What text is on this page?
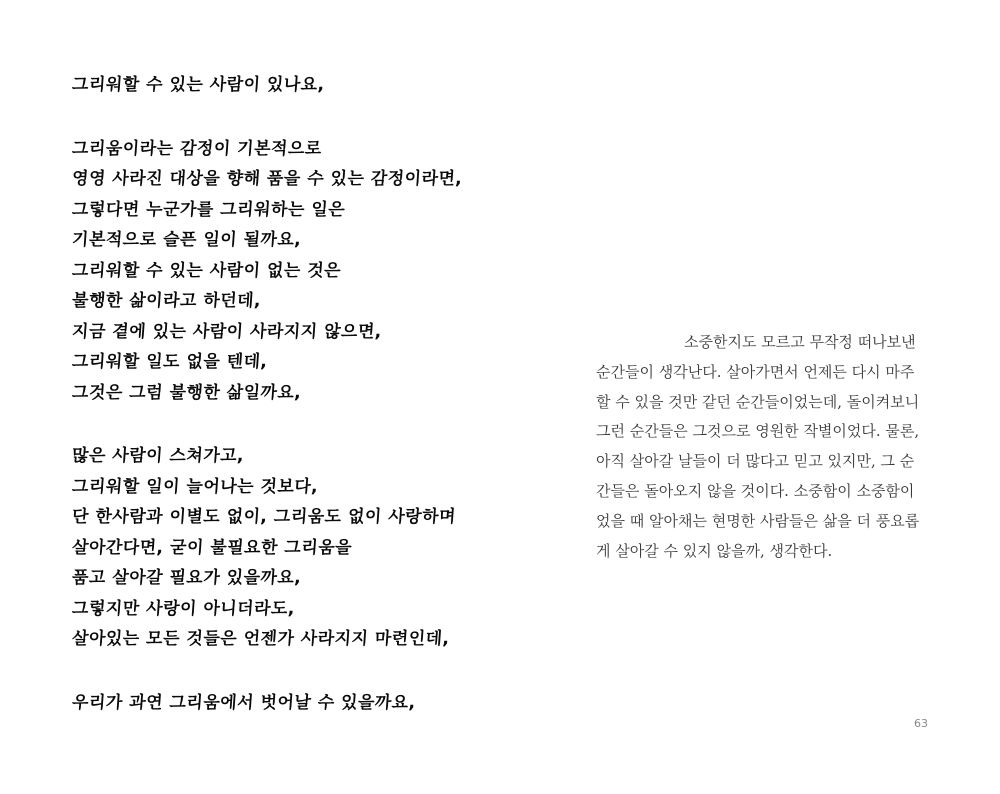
그리워할 수 있는 사람이 있나요,
그리움이라는 감정이 기본적으로
영영 사라진 대상을 향해 품을 수 있는 감정이라면,
그렇다면 누군가를 그리워하는 일은
기본적으로 슬픈 일이 될까요,
그리워할 수 있는 사람이 없는 것은
불행한 삶이라고 하던데,
지금 곁에 있는 사람이 사라지지 않으면,
그리워할 일도 없을 텐데,
그것은 그럼 불행한 삶일까요,
많은 사람이 스쳐가고,
그리워할 일이 늘어나는 것보다,
단 한사람과 이별도 없이, 그리움도 없이 사랑하며
살아간다면, 굳이 불필요한 그리움을
품고 살아갈 필요가 있을까요,
그렇지만 사랑이 아니더라도,
살아있는 모든 것들은 언젠가 사라지지 마련인데,
우리가 과연 그리움에서 벗어날 수 있을까요,
소중한지도 모르고 무작정 떠나보낸
순간들이 생각난다. 살아가면서 언제든 다시 마주
할 수 있을 것만 같던 순간들이었는데, 돌이켜보니
그런 순간들은 그것으로 영원한 작별이었다. 물론,
아직 살아갈 날들이 더 많다고 믿고 있지만, 그 순
간들은 돌아오지 않을 것이다. 소중함이 소중함이
었을 때 알아채는 현명한 사람들은 삶을 더 풍요롭
게 살아갈 수 있지 않을까, 생각한다.
63
